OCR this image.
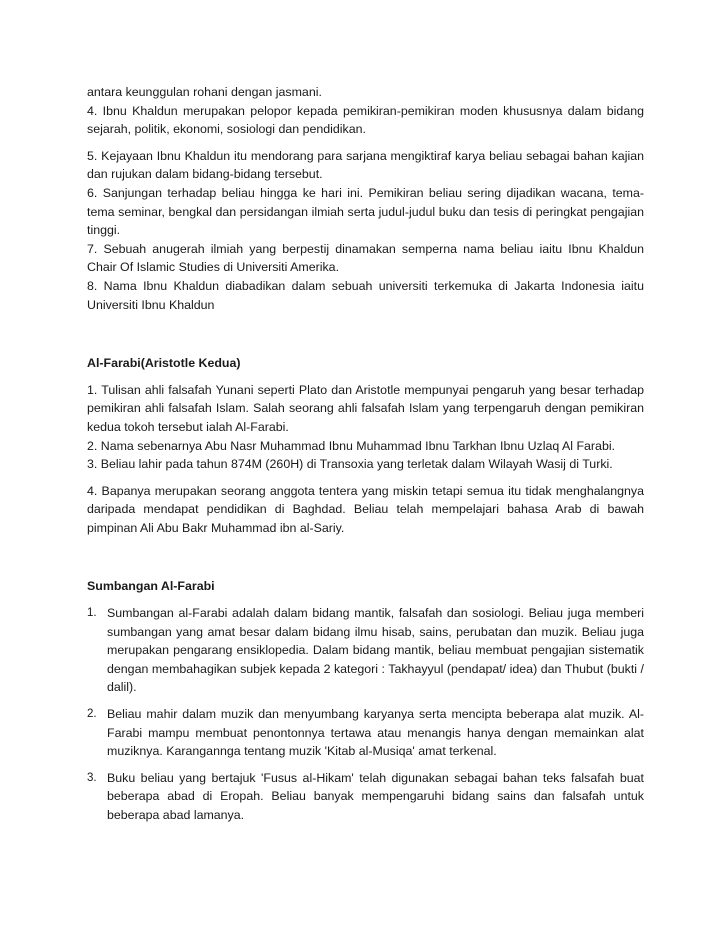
antara keunggulan rohani dengan jasmani.

4. Ibnu Khaldun merupakan pelopor kepada pemikiran-pemikiran moden khususnya dalam bidang sejarah, politik, ekonomi, sosiologi dan pendidikan.

5. Kejayaan Ibnu Khaldun itu mendorang para sarjana mengiktiraf karya beliau sebagai bahan kajian dan rujukan dalam bidang-bidang tersebut.

6. Sanjungan terhadap beliau hingga ke hari ini. Pemikiran beliau sering dijadikan wacana, tema-tema seminar, bengkal dan persidangan ilmiah serta judul-judul buku dan tesis di peringkat pengajian tinggi.

7. Sebuah anugerah ilmiah yang berpestij dinamakan semperna nama beliau iaitu Ibnu Khaldun Chair Of Islamic Studies di Universiti Amerika.

8. Nama Ibnu Khaldun diabadikan dalam sebuah universiti terkemuka di Jakarta Indonesia iaitu Universiti Ibnu Khaldun

Al-Farabi(Aristotle Kedua)

1. Tulisan ahli falsafah Yunani seperti Plato dan Aristotle mempunyai pengaruh yang besar terhadap pemikiran ahli falsafah Islam. Salah seorang ahli falsafah Islam yang terpengaruh dengan pemikiran kedua tokoh tersebut ialah Al-Farabi.

2. Nama sebenarnya Abu Nasr Muhammad Ibnu Muhammad Ibnu Tarkhan Ibnu Uzlaq Al Farabi.

3. Beliau lahir pada tahun 874M (260H) di Transoxia yang terletak dalam Wilayah Wasij di Turki.

4. Bapanya merupakan seorang anggota tentera yang miskin tetapi semua itu tidak menghalangnya daripada mendapat pendidikan di Baghdad. Beliau telah mempelajari bahasa Arab di bawah pimpinan Ali Abu Bakr Muhammad ibn al-Sariy.

Sumbangan Al-Farabi

1. Sumbangan al-Farabi adalah dalam bidang mantik, falsafah dan sosiologi. Beliau juga memberi sumbangan yang amat besar dalam bidang ilmu hisab, sains, perubatan dan muzik. Beliau juga merupakan pengarang ensiklopedia. Dalam bidang mantik, beliau membuat pengajian sistematik dengan membahagikan subjek kepada 2 kategori : Takhayyul (pendapat/ idea) dan Thubut (bukti / dalil).
2. Beliau mahir dalam muzik dan menyumbang karyanya serta mencipta beberapa alat muzik. Al-Farabi mampu membuat penontonnya tertawa atau menangis hanya dengan memainkan alat muziknya. Karangannga tentang muzik 'Kitab al-Musiqa' amat terkenal.
3. Buku beliau yang bertajuk 'Fusus al-Hikam' telah digunakan sebagai bahan teks falsafah buat beberapa abad di Eropah. Beliau banyak mempengaruhi bidang sains dan falsafah untuk beberapa abad lamanya.
